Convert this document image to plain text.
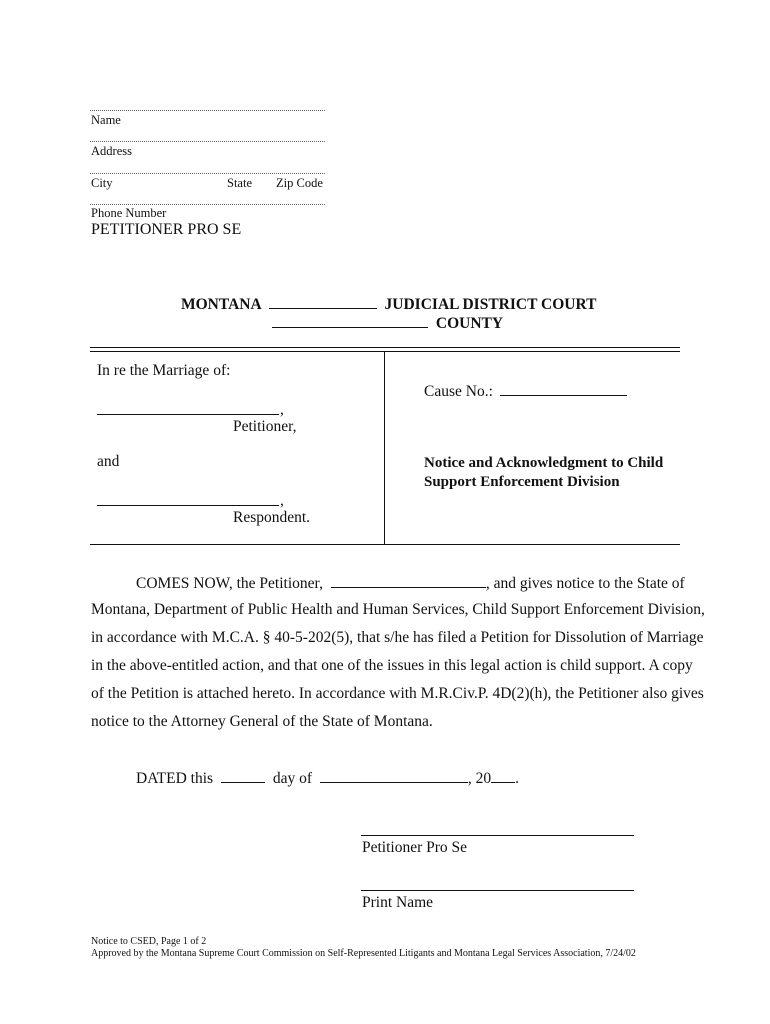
Name
Address
City	State Zip Code
Phone Number
PETITIONER PRO SE
MONTANA	JUDICIAL DISTRICT COURT
COUNTY
In re the Marriage of:
,
Petitioner,
and
,
Respondent.
Cause No.:
Notice and Acknowledgment to Child Support Enforcement Division
COMES NOW, the Petitioner,	, and gives notice to the State of
Montana, Department of Public Health and Human Services, Child Support Enforcement Division,
in accordance with M.C.A. § 40-5-202(5), that s/he has filed a Petition for Dissolution of Marriage
in the above-entitled action, and that one of the issues in this legal action is child support. A copy
of the Petition is attached hereto. In accordance with M.R.Civ.P. 4D(2)(h), the Petitioner also gives
notice to the Attorney General of the State of Montana.
DATED this	day of	, 20 .
Petitioner Pro Se
Print Name
Notice to CSED, Page 1 of 2
Approved by the Montana Supreme Court Commission on Self-Represented Litigants and Montana Legal Services Association, 7/24/02
